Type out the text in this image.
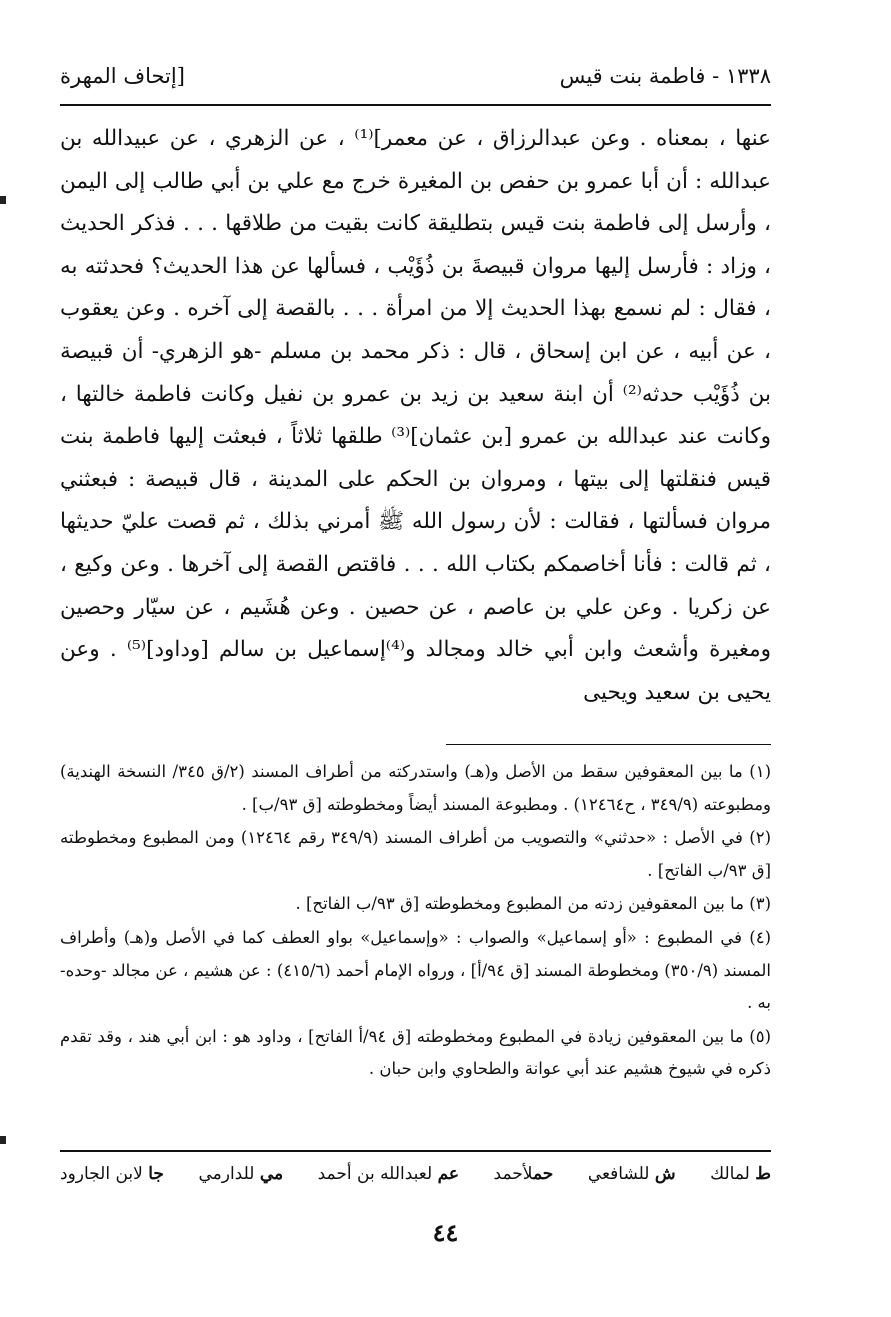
١٣٣٨ - فاطمة بنت قيس
[إتحاف المهرة

عنها ، بمعناه . وعن عبدالرزاق ، عن معمر]⁽¹⁾ ، عن الزهري ، عن عبيدالله بن عبدالله : أن أبا عمرو بن حفص بن المغيرة خرج مع علي بن أبي طالب إلى اليمن ، وأرسل إلى فاطمة بنت قيس بتطليقة كانت بقيت من طلاقها . . . فذكر الحديث ، وزاد : فأرسل إليها مروان قبيصةَ بن ذُؤَيْب ، فسألها عن هذا الحديث؟ فحدثته به ، فقال : لم نسمع بهذا الحديث إلا من امرأة . . . بالقصة إلى آخره . وعن يعقوب ، عن أبيه ، عن ابن إسحاق ، قال : ذكر محمد بن مسلم -هو الزهري- أن قبيصة بن ذُؤَيْب حدثه⁽²⁾ أن ابنة سعيد بن زيد بن عمرو بن نفيل وكانت فاطمة خالتها ، وكانت عند عبدالله بن عمرو [بن عثمان]⁽³⁾ طلقها ثلاثاً ، فبعثت إليها فاطمة بنت قيس فنقلتها إلى بيتها ، ومروان بن الحكم على المدينة ، قال قبيصة : فبعثني مروان فسألتها ، فقالت : لأن رسول الله ﷺ أمرني بذلك ، ثم قصت عليّ حديثها ، ثم قالت : فأنا أخاصمكم بكتاب الله . . . فاقتص القصة إلى آخرها . وعن وكيع ، عن زكريا . وعن علي بن عاصم ، عن حصين . وعن هُشَيم ، عن سيّار وحصين ومغيرة وأشعث وابن أبي خالد ومجالد و⁽⁴⁾إسماعيل بن سالم [وداود]⁽⁵⁾ . وعن يحيى بن سعيد ويحيى

(١) ما بين المعقوفين سقط من الأصل و(هـ) واستدركته من أطراف المسند (٢/ق ٣٤٥/ النسخة الهندية) ومطبوعته (٣٤٩/٩ ، ح١٢٤٦٤) . ومطبوعة المسند أيضاً ومخطوطته [ق ٩٣/ب] .

(٢) في الأصل : «حدثني» والتصويب من أطراف المسند (٣٤٩/٩ رقم ١٢٤٦٤) ومن المطبوع ومخطوطته [ق ٩٣/ب الفاتح] .

(٣) ما بين المعقوفين زدته من المطبوع ومخطوطته [ق ٩٣/ب الفاتح] .

(٤) في المطبوع : «أو إسماعيل» والصواب : «وإسماعيل» بواو العطف كما في الأصل و(هـ) وأطراف المسند (٣٥٠/٩) ومخطوطة المسند [ق ٩٤/أ] ، ورواه الإمام أحمد (٤١٥/٦) : عن هشيم ، عن مجالد -وحده- به .

(٥) ما بين المعقوفين زيادة في المطبوع ومخطوطته [ق ٩٤/أ الفاتح] ، وداود هو : ابن أبي هند ، وقد تقدم ذكره في شيوخ هشيم عند أبي عوانة والطحاوي وابن حبان .

ط لمالك
ش للشافعي
حملأحمد
عم لعبدالله بن أحمد
مي للدارمي
جا لابن الجارود
٤٤
